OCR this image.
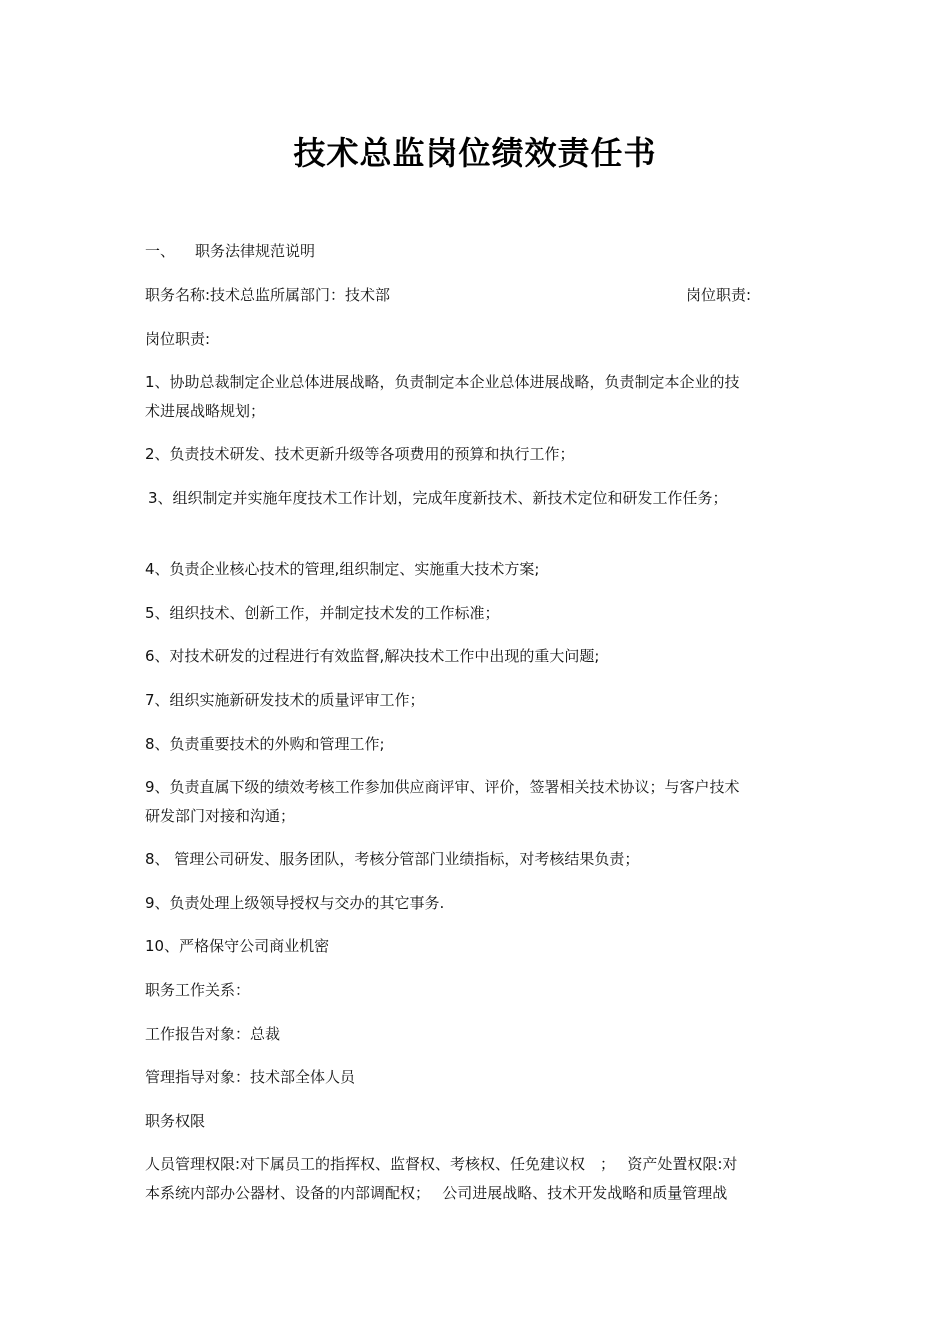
技术总监岗位绩效责任书
一、 职务法律规范说明
职务名称:技术总监所属部门：技术部	岗位职责:
岗位职责:
1、协助总裁制定企业总体进展战略，负责制定本企业总体进展战略，负责制定本企业的技
术进展战略规划；
2、负责技术研发、技术更新升级等各项费用的预算和执行工作；
3、组织制定并实施年度技术工作计划，完成年度新技术、新技术定位和研发工作任务；
4、负责企业核心技术的管理,组织制定、实施重大技术方案;
5、组织技术、创新工作，并制定技术发的工作标准；
6、对技术研发的过程进行有效监督,解决技术工作中出现的重大问题;
7、组织实施新研发技术的质量评审工作；
8、负责重要技术的外购和管理工作;
9、负责直属下级的绩效考核工作参加供应商评审、评价，签署相关技术协议；与客户技术
研发部门对接和沟通；
8、 管理公司研发、服务团队，考核分管部门业绩指标，对考核结果负责；
9、负责处理上级领导授权与交办的其它事务.
10、严格保守公司商业机密
职务工作关系：
工作报告对象：总裁
管理指导对象：技术部全体人员
职务权限
人员管理权限:对下属员工的指挥权、监督权、考核权、任免建议权　；　 资产处置权限:对
本系统内部办公器材、设备的内部调配权；　 公司进展战略、技术开发战略和质量管理战
